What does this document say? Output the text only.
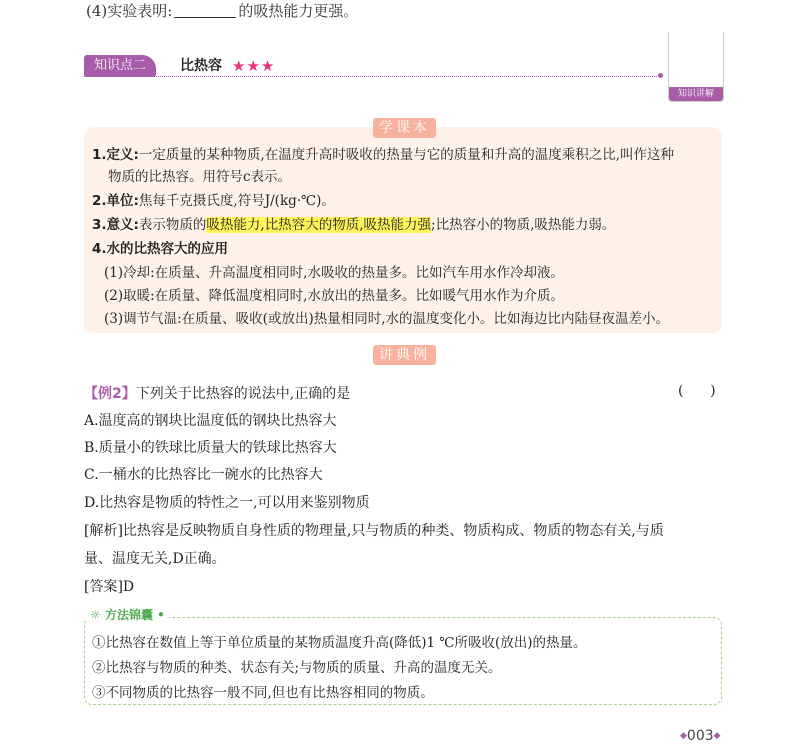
(4)实验表明:	的吸热能力更强。
知识点二	比热容 ★★★
知识讲解
学课本
1.定义:一定质量的某种物质,在温度升高时吸收的热量与它的质量和升高的温度乘积之比,叫作这种
物质的比热容。用符号c表示。
2.单位:焦每千克摄氏度,符号J/(kg·℃)。
3.意义:表示物质的吸热能力,比热容大的物质,吸热能力强;比热容小的物质,吸热能力弱。
4.水的比热容大的应用
(1)冷却:在质量、升高温度相同时,水吸收的热量多。比如汽车用水作冷却液。
(2)取暖:在质量、降低温度相同时,水放出的热量多。比如暖气用水作为介质。
(3)调节气温:在质量、吸收(或放出)热量相同时,水的温度变化小。比如海边比内陆昼夜温差小。
讲典例
【例2】下列关于比热容的说法中,正确的是	(      )
A.温度高的钢块比温度低的钢块比热容大
B.质量小的铁球比质量大的铁球比热容大
C.一桶水的比热容比一碗水的比热容大
D.比热容是物质的特性之一,可以用来鉴别物质
[解析]比热容是反映物质自身性质的物理量,只与物质的种类、物质构成、物质的物态有关,与质
量、温度无关,D正确。
[答案]D
☼ 方法锦囊 •
①比热容在数值上等于单位质量的某物质温度升高(降低)1 ℃所吸收(放出)的热量。
②比热容与物质的种类、状态有关;与物质的质量、升高的温度无关。
③不同物质的比热容一般不同,但也有比热容相同的物质。
◆003◆
